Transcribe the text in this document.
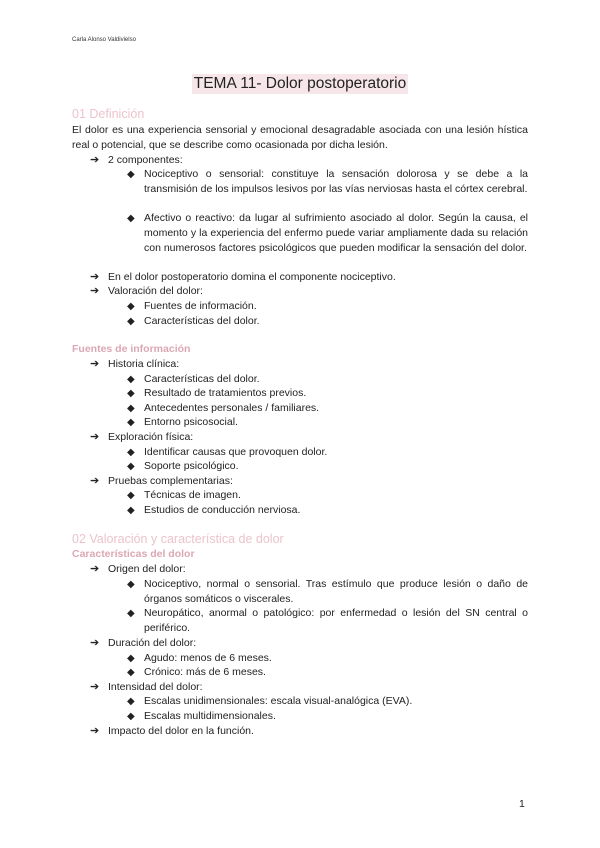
Carla Alonso Valdivielso
TEMA 11- Dolor postoperatorio
01 Definición
El dolor es una experiencia sensorial y emocional desagradable asociada con una lesión hística real o potencial, que se describe como ocasionada por dicha lesión.
➔ 2 componentes:
◆ Nociceptivo o sensorial: constituye la sensación dolorosa y se debe a la transmisión de los impulsos lesivos por las vías nerviosas hasta el córtex cerebral.
◆ Afectivo o reactivo: da lugar al sufrimiento asociado al dolor. Según la causa, el momento y la experiencia del enfermo puede variar ampliamente dada su relación con numerosos factores psicológicos que pueden modificar la sensación del dolor.
➔ En el dolor postoperatorio domina el componente nociceptivo.
➔ Valoración del dolor:
◆ Fuentes de información.
◆ Características del dolor.
Fuentes de información
➔ Historia clínica:
◆ Características del dolor.
◆ Resultado de tratamientos previos.
◆ Antecedentes personales / familiares.
◆ Entorno psicosocial.
➔ Exploración física:
◆ Identificar causas que provoquen dolor.
◆ Soporte psicológico.
➔ Pruebas complementarias:
◆ Técnicas de imagen.
◆ Estudios de conducción nerviosa.
02 Valoración y característica de dolor
Características del dolor
➔ Origen del dolor:
◆ Nociceptivo, normal o sensorial. Tras estímulo que produce lesión o daño de órganos somáticos o viscerales.
◆ Neuropático, anormal o patológico: por enfermedad o lesión del SN central o periférico.
➔ Duración del dolor:
◆ Agudo: menos de 6 meses.
◆ Crónico: más de 6 meses.
➔ Intensidad del dolor:
◆ Escalas unidimensionales: escala visual-analógica (EVA).
◆ Escalas multidimensionales.
➔ Impacto del dolor en la función.
1
